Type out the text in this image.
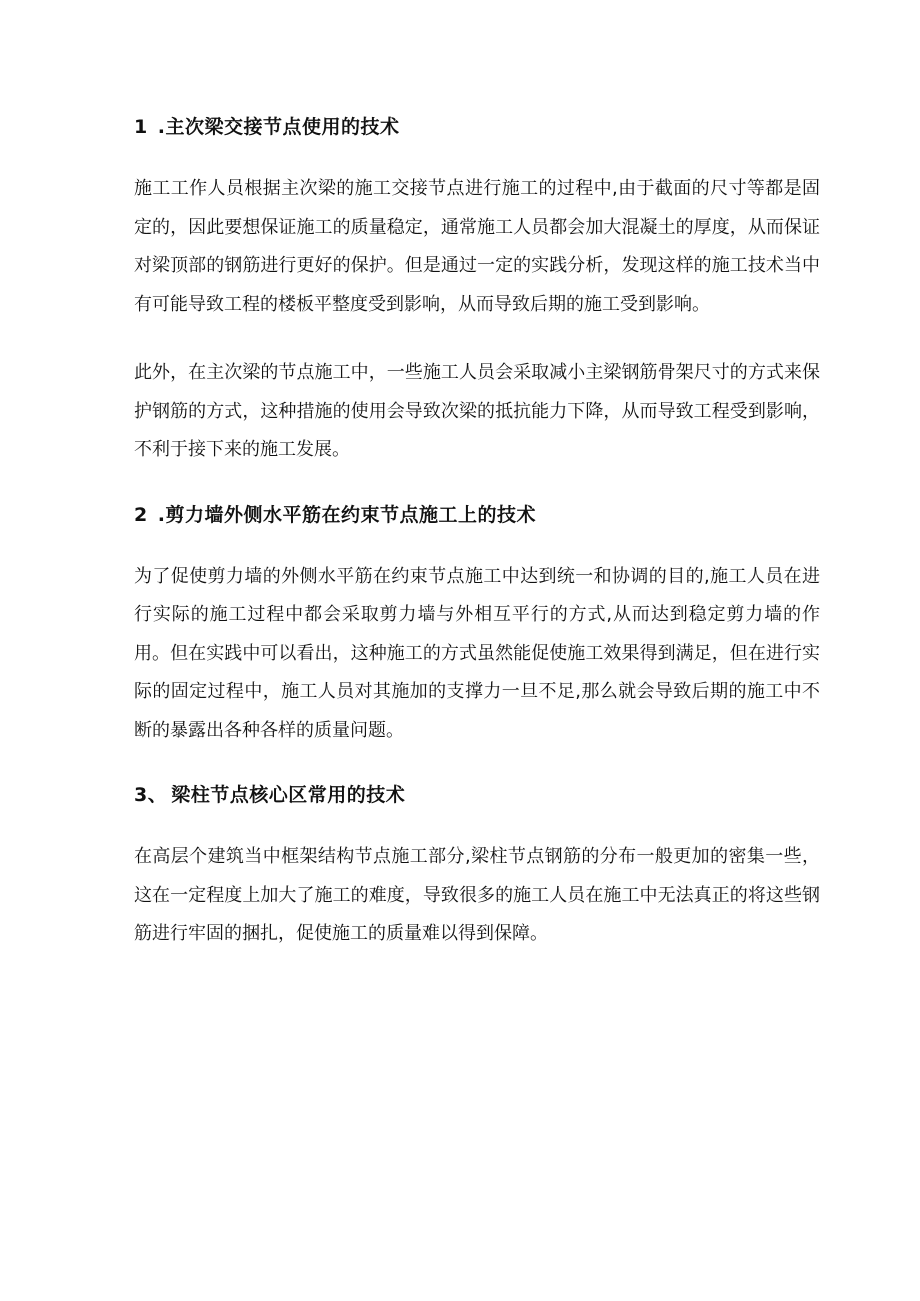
1 .主次梁交接节点使用的技术

施工工作人员根据主次梁的施工交接节点进行施工的过程中,由于截面的尺寸等都是固定的，因此要想保证施工的质量稳定，通常施工人员都会加大混凝土的厚度，从而保证对梁顶部的钢筋进行更好的保护。但是通过一定的实践分析，发现这样的施工技术当中有可能导致工程的楼板平整度受到影响，从而导致后期的施工受到影响。

此外，在主次梁的节点施工中，一些施工人员会采取减小主梁钢筋骨架尺寸的方式来保护钢筋的方式，这种措施的使用会导致次梁的抵抗能力下降，从而导致工程受到影响，不利于接下来的施工发展。

2 .剪力墙外侧水平筋在约束节点施工上的技术

为了促使剪力墙的外侧水平筋在约束节点施工中达到统一和协调的目的,施工人员在进行实际的施工过程中都会采取剪力墙与外相互平行的方式,从而达到稳定剪力墙的作用。但在实践中可以看出，这种施工的方式虽然能促使施工效果得到满足，但在进行实际的固定过程中，施工人员对其施加的支撑力一旦不足,那么就会导致后期的施工中不断的暴露出各种各样的质量问题。

3、 梁柱节点核心区常用的技术

在高层个建筑当中框架结构节点施工部分,梁柱节点钢筋的分布一般更加的密集一些，这在一定程度上加大了施工的难度，导致很多的施工人员在施工中无法真正的将这些钢筋进行牢固的捆扎，促使施工的质量难以得到保障。
